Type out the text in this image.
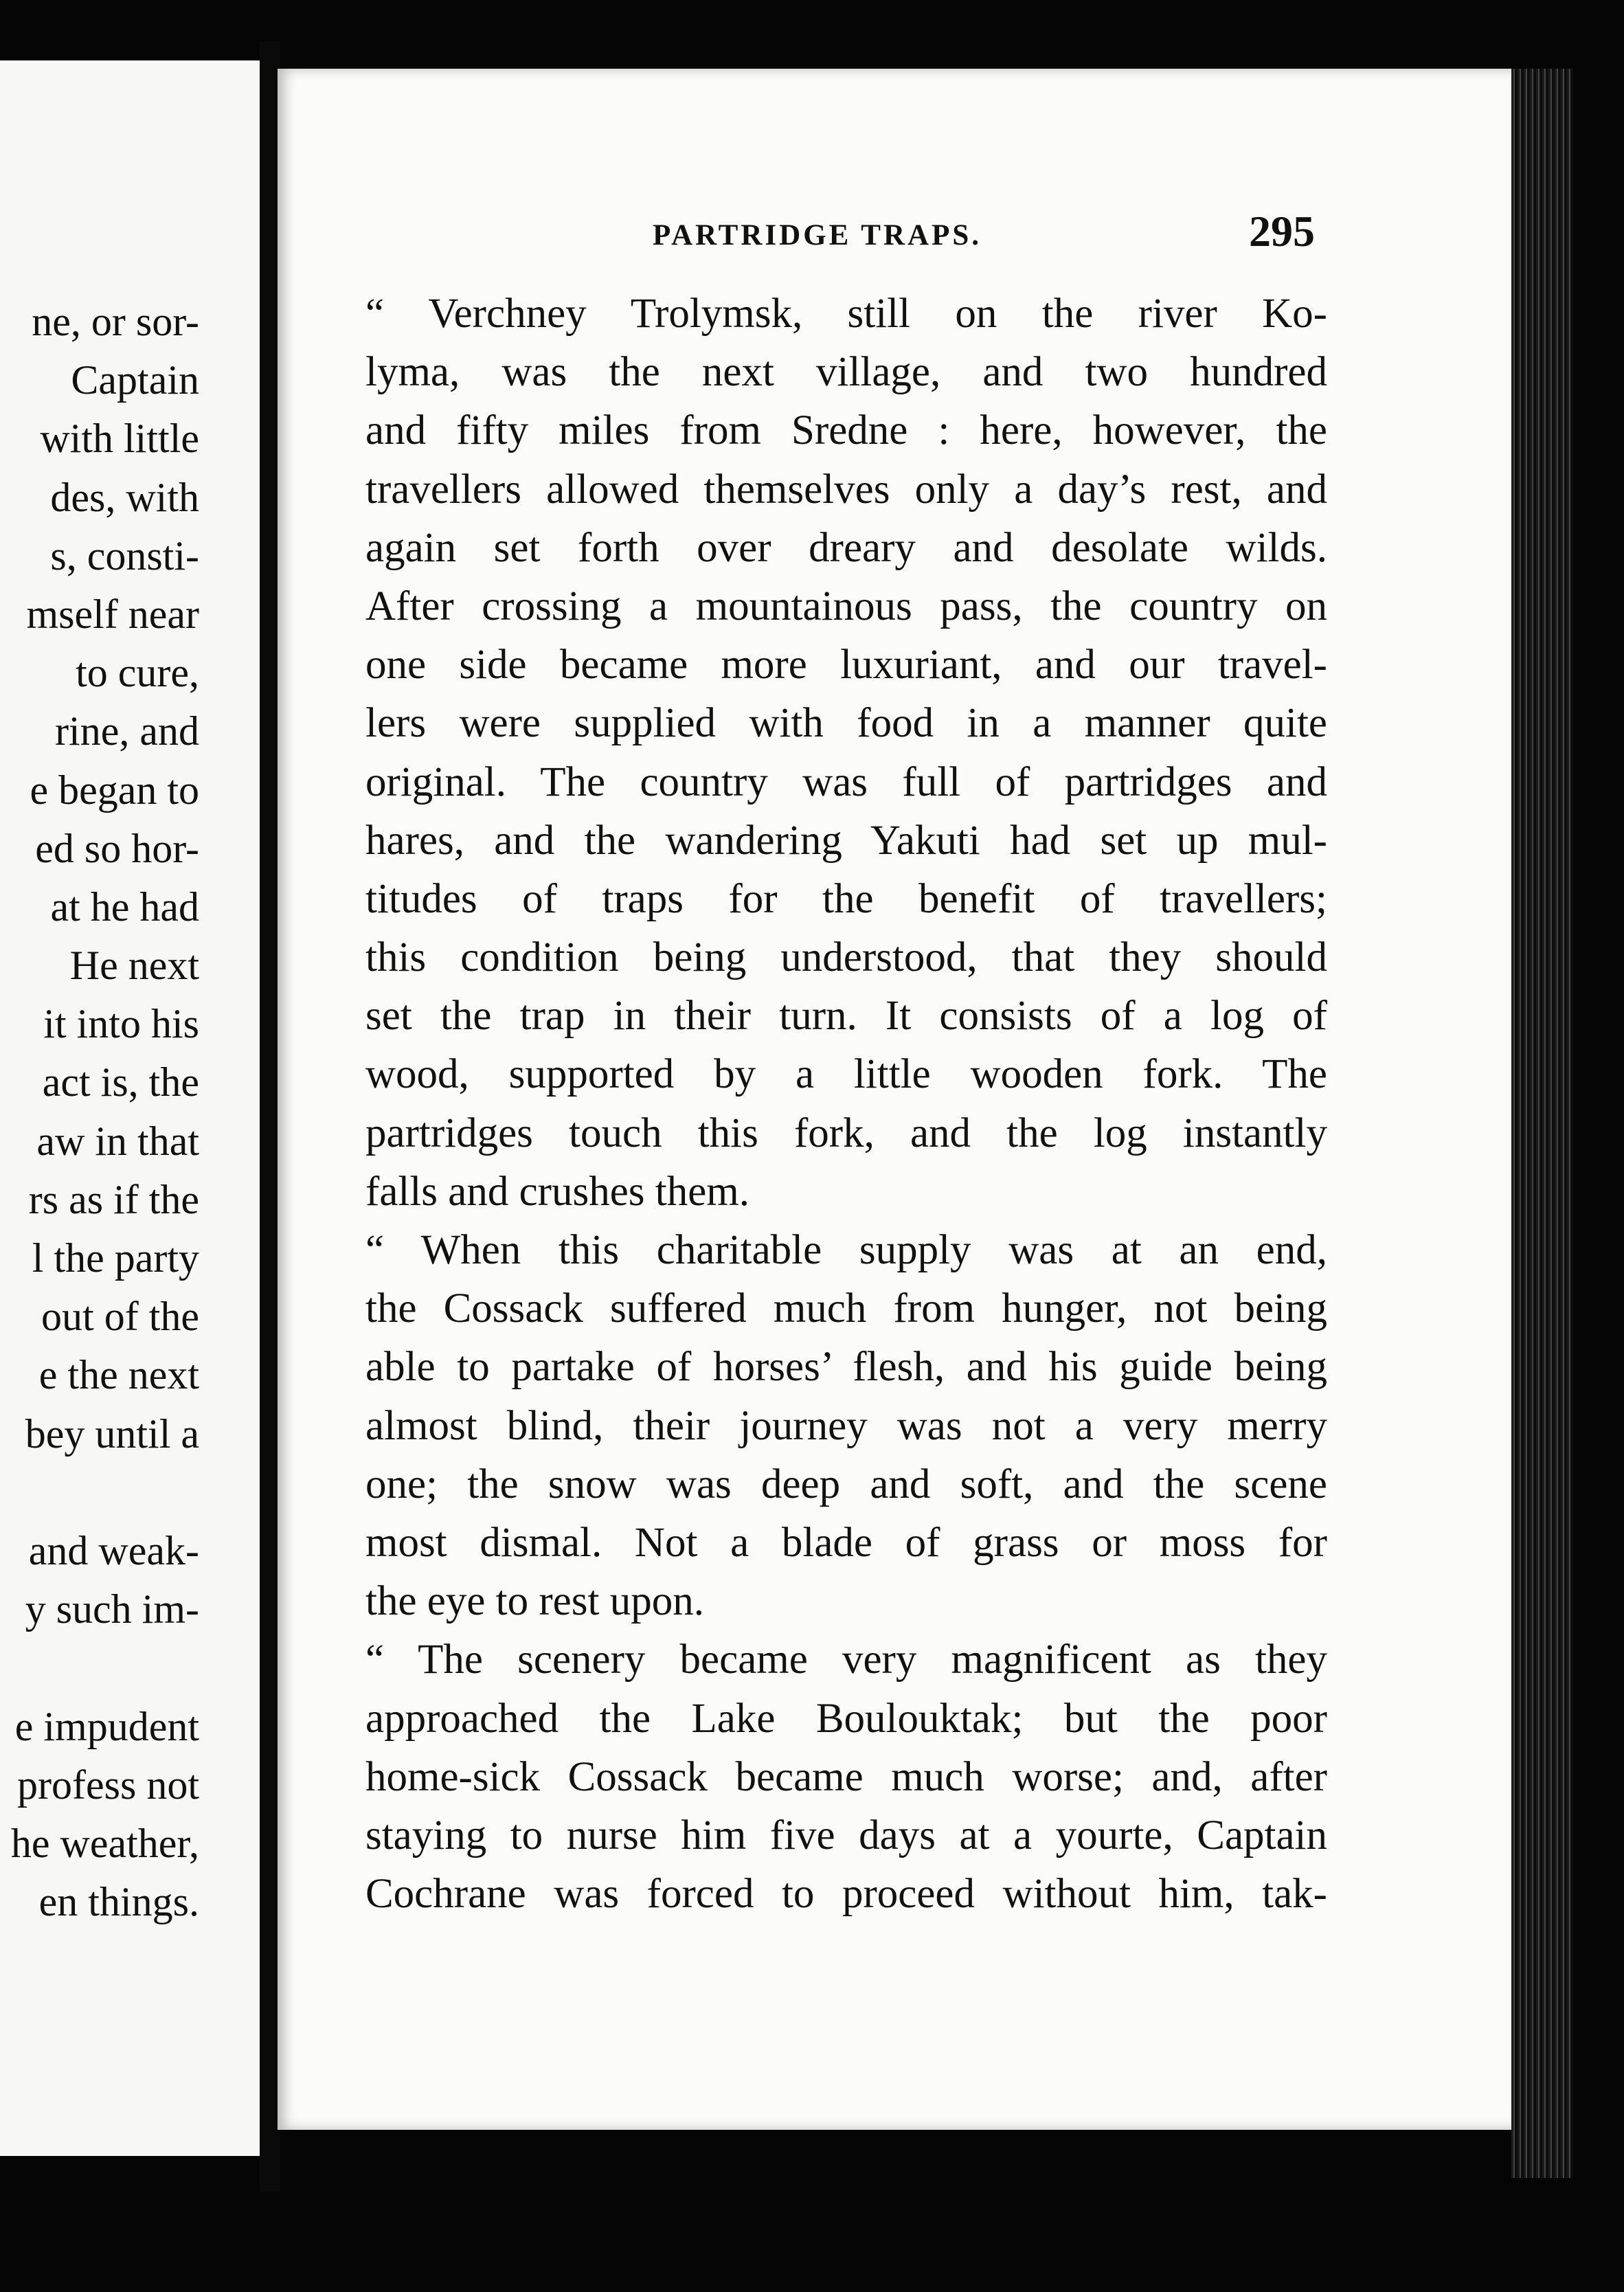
ne, or sor-
Captain
with little
des, with
s, consti-
mself near
to cure,
rine, and
e began to
ed so hor-
at he had
He next
it into his
act is, the
aw in that
rs as if the
l the party
out of the
e the next
bey until a
and weak-
y such im-
e impudent
profess not
he weather,
en things.
PARTRIDGE TRAPS.	295
“ Verchney Trolymsk, still on the river Ko-
lyma, was the next village, and two hundred
and fifty miles from Sredne : here, however, the
travellers allowed themselves only a day’s rest, and
again set forth over dreary and desolate wilds.
After crossing a mountainous pass, the country on
one side became more luxuriant, and our travel-
lers were supplied with food in a manner quite
original. The country was full of partridges and
hares, and the wandering Yakuti had set up mul-
titudes of traps for the benefit of travellers;
this condition being understood, that they should
set the trap in their turn. It consists of a log of
wood, supported by a little wooden fork. The
partridges touch this fork, and the log instantly
falls and crushes them.
“ When this charitable supply was at an end,
the Cossack suffered much from hunger, not being
able to partake of horses’ flesh, and his guide being
almost blind, their journey was not a very merry
one; the snow was deep and soft, and the scene
most dismal. Not a blade of grass or moss for
the eye to rest upon.
“ The scenery became very magnificent as they
approached the Lake Boulouktak; but the poor
home-sick Cossack became much worse; and, after
staying to nurse him five days at a yourte, Captain
Cochrane was forced to proceed without him, tak-
